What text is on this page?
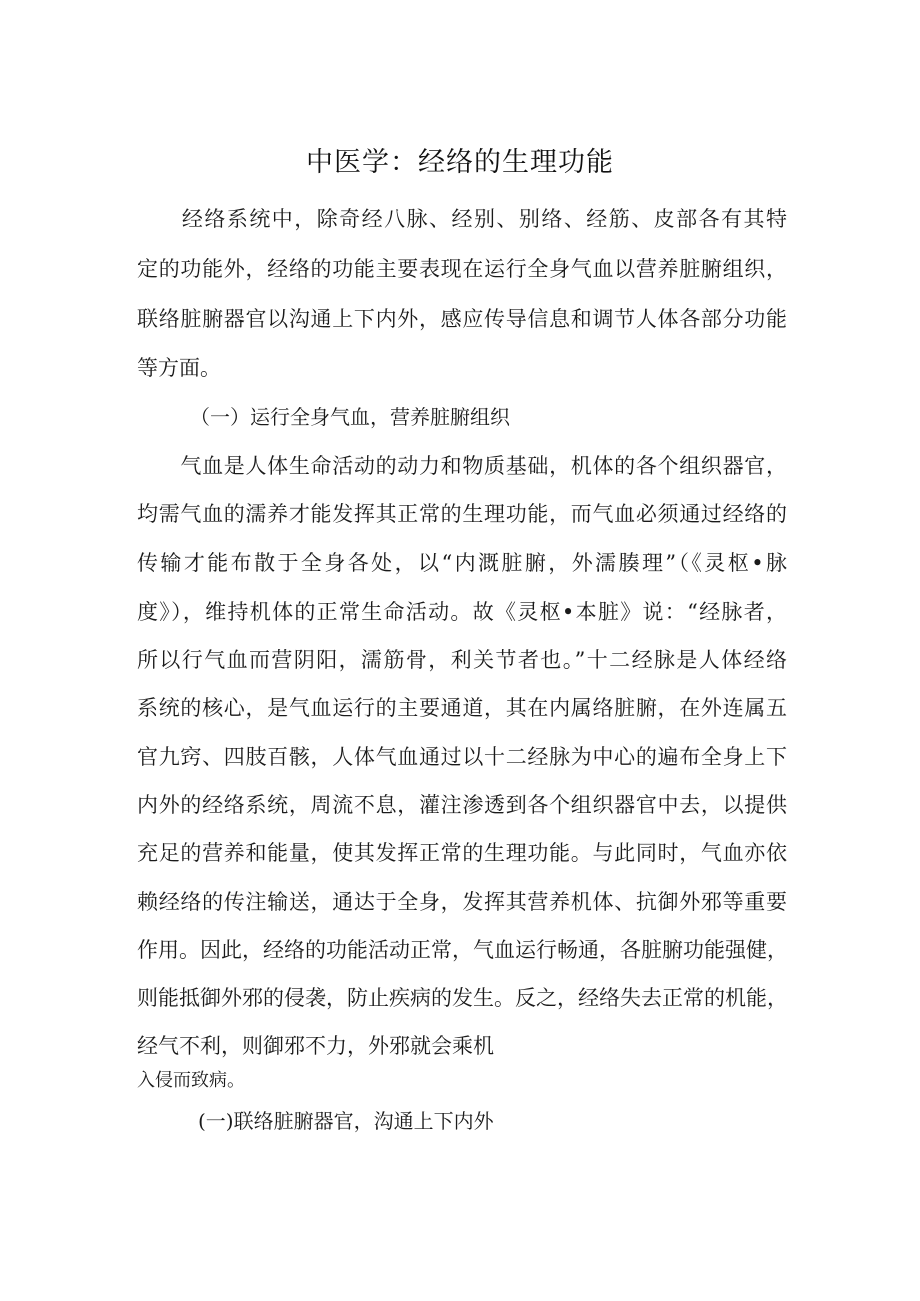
中医学：经络的生理功能
　　经络系统中，除奇经八脉、经别、别络、经筋、皮部各有其特
定的功能外，经络的功能主要表现在运行全身气血以营养脏腑组织，
联络脏腑器官以沟通上下内外，感应传导信息和调节人体各部分功能
等方面。
（一）运行全身气血，营养脏腑组织
　　气血是人体生命活动的动力和物质基础，机体的各个组织器官，
均需气血的濡养才能发挥其正常的生理功能，而气血必须通过经络的
传输才能布散于全身各处，以“内溉脏腑，外濡腠理”（《灵枢•脉
度》），维持机体的正常生命活动。故《灵枢•本脏》说：“经脉者，
所以行气血而营阴阳，濡筋骨，利关节者也。”十二经脉是人体经络
系统的核心，是气血运行的主要通道，其在内属络脏腑，在外连属五
官九窍、四肢百骸，人体气血通过以十二经脉为中心的遍布全身上下
内外的经络系统，周流不息，灌注渗透到各个组织器官中去，以提供
充足的营养和能量，使其发挥正常的生理功能。与此同时，气血亦依
赖经络的传注输送，通达于全身，发挥其营养机体、抗御外邪等重要
作用。因此，经络的功能活动正常，气血运行畅通，各脏腑功能强健，
则能抵御外邪的侵袭，防止疾病的发生。反之，经络失去正常的机能，
经气不利，则御邪不力，外邪就会乘机
入侵而致病。
(一)联络脏腑器官，沟通上下内外
